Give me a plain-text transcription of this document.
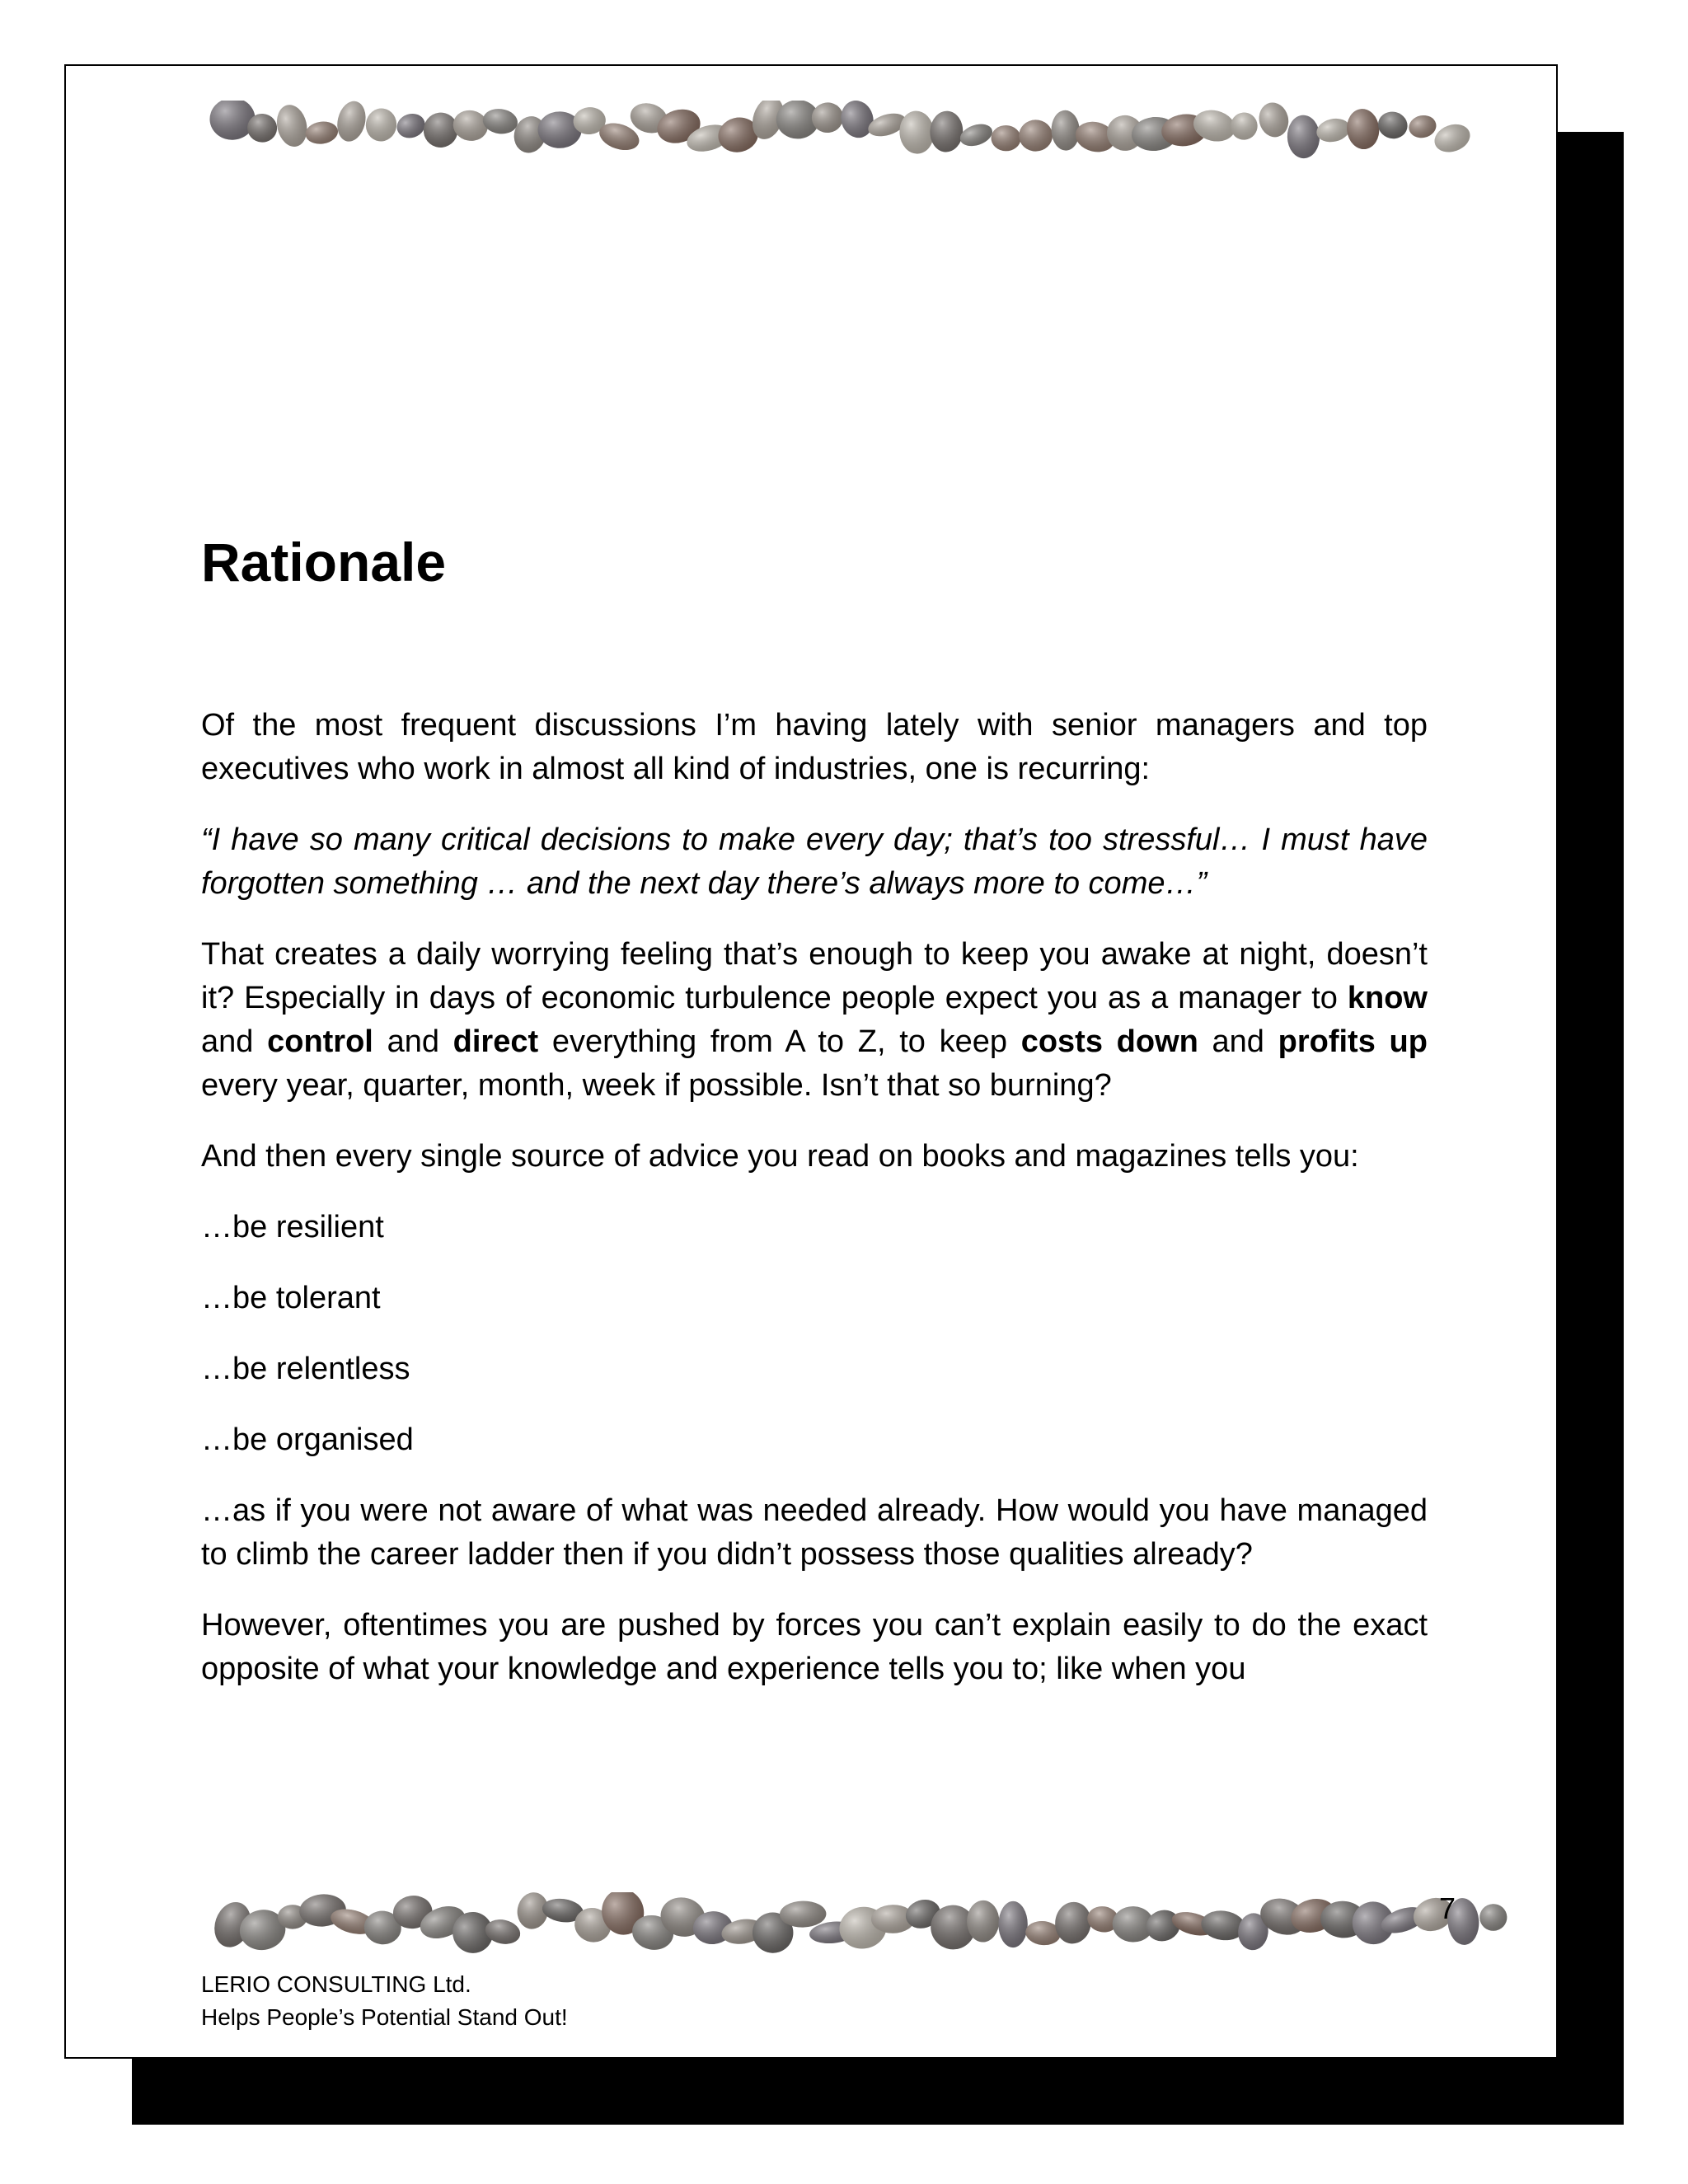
Rationale

Of the most frequent discussions I’m having lately with senior managers and top executives who work in almost all kind of industries, one is recurring:

“I have so many critical decisions to make every day; that’s too stressful… I must have forgotten something … and the next day there’s always more to come…”

That creates a daily worrying feeling that’s enough to keep you awake at night, doesn’t it? Especially in days of economic turbulence people expect you as a manager to know and control and direct everything from A to Z, to keep costs down and profits up every year, quarter, month, week if possible. Isn’t that so burning?

And then every single source of advice you read on books and magazines tells you:

…be resilient

…be tolerant

…be relentless

…be organised

…as if you were not aware of what was needed already. How would you have managed to climb the career ladder then if you didn’t possess those qualities already?

However, oftentimes you are pushed by forces you can’t explain easily to do the exact opposite of what your knowledge and experience tells you to; like when you

7
LERIO CONSULTING Ltd.
Helps People’s Potential Stand Out!
